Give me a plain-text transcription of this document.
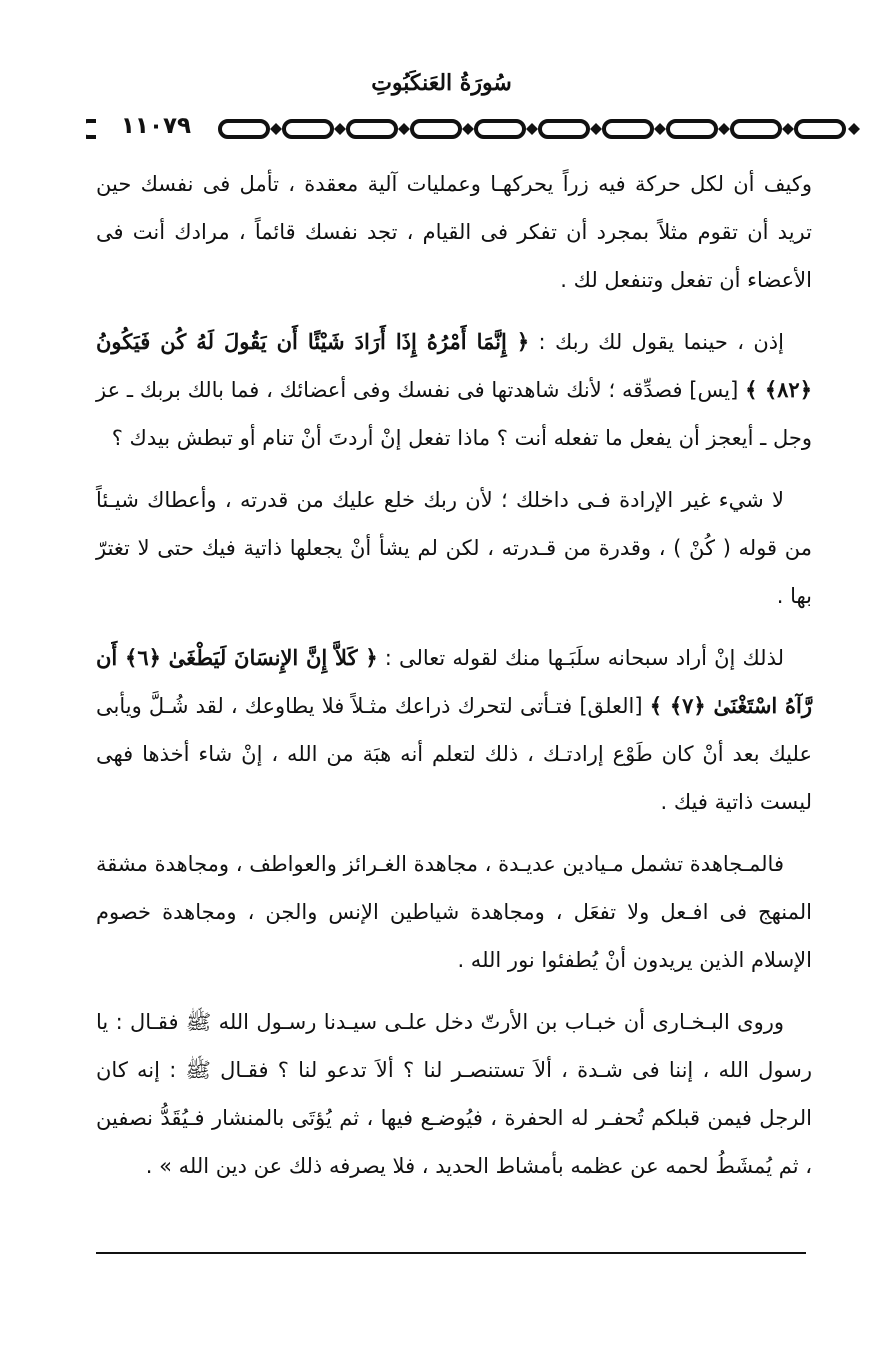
سُورَةُ العَنكَبُوتِ
١١٠٧٩

وكيف أن لكل حركة فيه زراً يحركهـا وعمليات آلية معقدة ، تأمل فى نفسك حين تريد أن تقوم مثلاً بمجرد أن تفكر فى القيام ، تجد نفسك قائماً ، مرادك أنت فى الأعضاء أن تفعل وتنفعل لك .

إذن ، حينما يقول لك ربك : ﴿ إِنَّمَا أَمْرُهُ إِذَا أَرَادَ شَيْئًا أَن يَقُولَ لَهُ كُن فَيَكُونُ ﴿٨٢﴾ ﴾ [يس] فصدِّقه ؛ لأنك شاهدتها فى نفسك وفى أعضائك ، فما بالك بربك ـ عز وجل ـ أيعجز أن يفعل ما تفعله أنت ؟ ماذا تفعل إنْ أردتَ أنْ تنام أو تبطش بيدك ؟

لا شيء غير الإرادة فـى داخلك ؛ لأن ربك خلع عليك من قدرته ، وأعطاك شيـئاً من قوله ( كُنْ ) ، وقدرة من قـدرته ، لكن لم يشأ أنْ يجعلها ذاتية فيك حتى لا تغترّ بها .

لذلك إنْ أراد سبحانه سلَبَـها منك لقوله تعالى : ﴿ كَلاَّ إِنَّ الإِنسَانَ لَيَطْغَىٰ ﴿٦﴾ أَن رَّآهُ اسْتَغْنَىٰ ﴿٧﴾ ﴾ [العلق] فتـأتى لتحرك ذراعك مثـلاً فلا يطاوعك ، لقد شُـلَّ ويأبى عليك بعد أنْ كان طَوْع إرادتـك ، ذلك لتعلم أنه هبَة من الله ، إنْ شاء أخذها فهى ليست ذاتية فيك .

فالمـجاهدة تشمل مـيادين عديـدة ، مجاهدة الغـرائز والعواطف ، ومجاهدة مشقة المنهج فى افـعل ولا تفعَل ، ومجاهدة شياطين الإنس والجن ، ومجاهدة خصوم الإسلام الذين يريدون أنْ يُطفئوا نور الله .

وروى البـخـارى أن خبـاب بن الأرتّ دخل علـى سيـدنا رسـول الله ﷺ فقـال : يا رسول الله ، إننا فى شـدة ، ألاَ تستنصـر لنا ؟ ألاَ تدعو لنا ؟ فقـال ﷺ : إنه كان الرجل فيمن قبلكم تُحفـر له الحفرة ، فيُوضـع فيها ، ثم يُؤتَى بالمنشار فـيُقَدُّ نصفين ، ثم يُمشَطُ لحمه عن عظمه بأمشاط الحديد ، فلا يصرفه ذلك عن دين الله » .
